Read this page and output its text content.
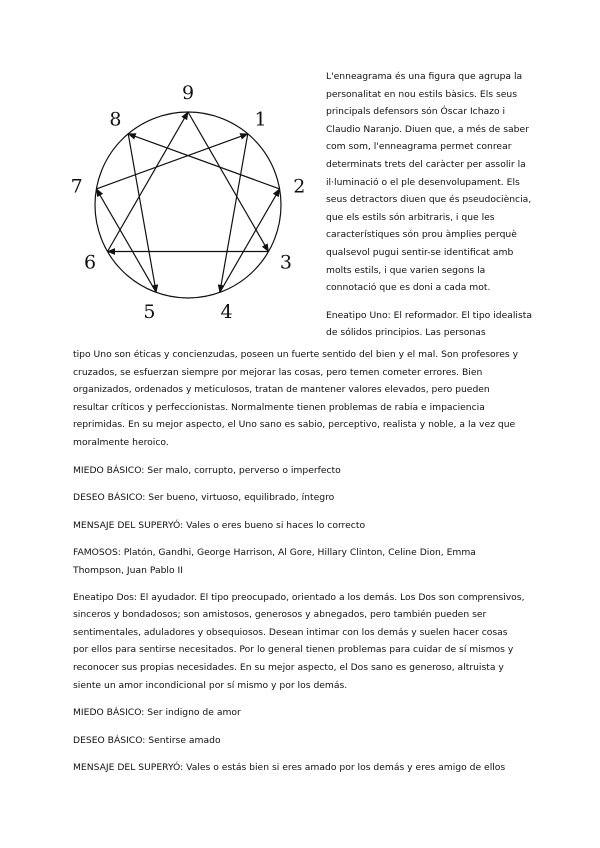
9
1
2
3
4
5
6
7
8

L'enneagrama és una figura que agrupa la personalitat en nou estils bàsics. Els seus principals defensors són Óscar Ichazo i Claudio Naranjo. Diuen que, a més de saber com som, l'enneagrama permet conrear determinats trets del caràcter per assolir la il·luminació o el ple desenvolupament. Els seus detractors diuen que és pseudociència, que els estils són arbitraris, i que les característiques són prou àmplies perquè qualsevol pugui sentir-se identificat amb molts estils, i que varien segons la connotació que es doni a cada mot.

Eneatipo Uno: El reformador. El tipo idealista de sólidos principios. Las personas

tipo Uno son éticas y concienzudas, poseen un fuerte sentido del bien y el mal. Son profesores y cruzados, se esfuerzan siempre por mejorar las cosas, pero temen cometer errores. Bien organizados, ordenados y meticulosos, tratan de mantener valores elevados, pero pueden resultar críticos y perfeccionistas. Normalmente tienen problemas de rabia e impaciencia reprimidas. En su mejor aspecto, el Uno sano es sabio, perceptivo, realista y noble, a la vez que moralmente heroico.

MIEDO BÁSICO: Ser malo, corrupto, perverso o imperfecto

DESEO BÁSICO: Ser bueno, virtuoso, equilibrado, íntegro

MENSAJE DEL SUPERYÓ: Vales o eres bueno si haces lo correcto

FAMOSOS: Platón, Gandhi, George Harrison, Al Gore, Hillary Clinton, Celine Dion, Emma Thompson, Juan Pablo II

Eneatipo Dos: El ayudador. El tipo preocupado, orientado a los demás. Los Dos son comprensivos, sinceros y bondadosos; son amistosos, generosos y abnegados, pero también pueden ser sentimentales, aduladores y obsequiosos. Desean intimar con los demás y suelen hacer cosas por ellos para sentirse necesitados. Por lo general tienen problemas para cuidar de sí mismos y reconocer sus propias necesidades. En su mejor aspecto, el Dos sano es generoso, altruista y siente un amor incondicional por sí mismo y por los demás.

MIEDO BÁSICO: Ser indigno de amor

DESEO BÁSICO: Sentirse amado

MENSAJE DEL SUPERYÓ: Vales o estás bien si eres amado por los demás y eres amigo de ellos
